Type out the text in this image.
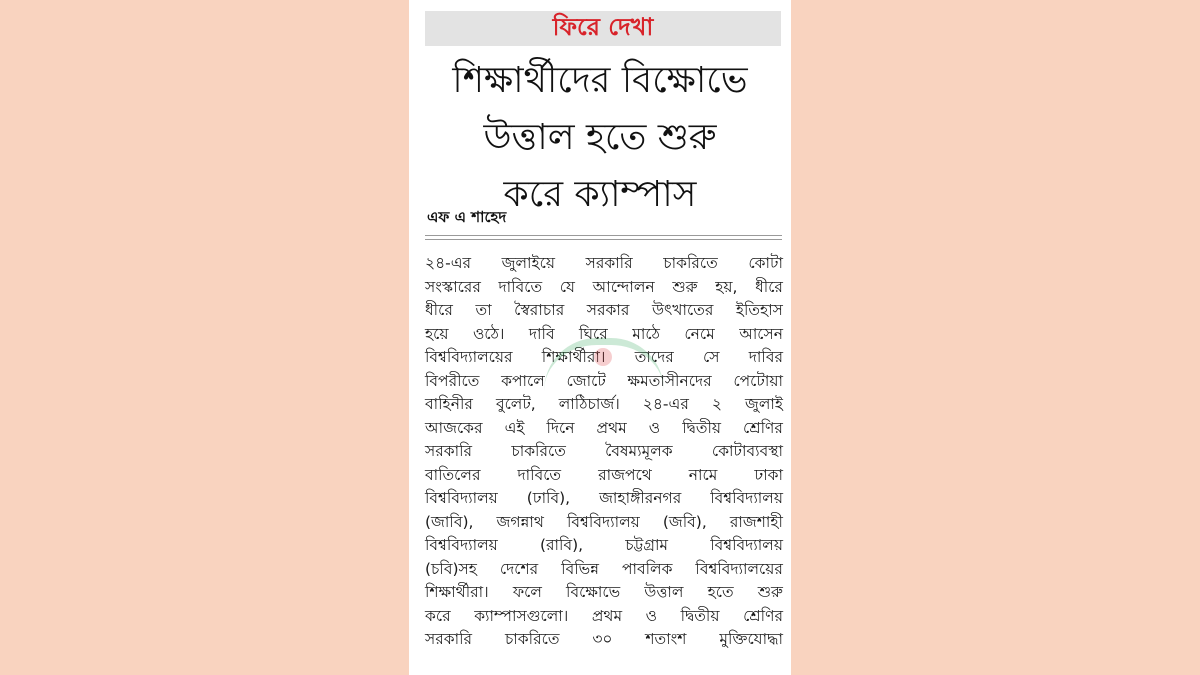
ফিরে দেখা
শিক্ষার্থীদের বিক্ষোভে
উত্তাল হতে শুরু
করে ক্যাম্পাস
এফ এ শাহেদ
২৪-এর জুলাইয়ে সরকারি চাকরিতে কোটা
সংস্কারের দাবিতে যে আন্দোলন শুরু হয়, ধীরে
ধীরে তা স্বৈরাচার সরকার উৎখাতের ইতিহাস
হয়ে ওঠে। দাবি ঘিরে মাঠে নেমে আসেন
বিশ্ববিদ্যালয়ের শিক্ষার্থীরা। তাদের সে দাবির
বিপরীতে কপালে জোটে ক্ষমতাসীনদের পেটোয়া
বাহিনীর বুলেট, লাঠিচার্জ। ২৪-এর ২ জুলাই
আজকের এই দিনে প্রথম ও দ্বিতীয় শ্রেণির
সরকারি	চাকরিতে	বৈষম্যমূলক	কোটাব্যবস্থা
বাতিলের দাবিতে রাজপথে নামে ঢাকা
বিশ্ববিদ্যালয় (ঢাবি), জাহাঙ্গীরনগর বিশ্ববিদ্যালয়
(জাবি), জগন্নাথ বিশ্ববিদ্যালয় (জবি), রাজশাহী
বিশ্ববিদ্যালয়	(রাবি),	চট্টগ্রাম	বিশ্ববিদ্যালয়
(চবি)সহ দেশের বিভিন্ন পাবলিক বিশ্ববিদ্যালয়ের
শিক্ষার্থীরা। ফলে বিক্ষোভে উত্তাল হতে শুরু
করে ক্যাম্পাসগুলো। প্রথম ও দ্বিতীয় শ্রেণির
সরকারি চাকরিতে ৩০ শতাংশ মুক্তিযোদ্ধা
